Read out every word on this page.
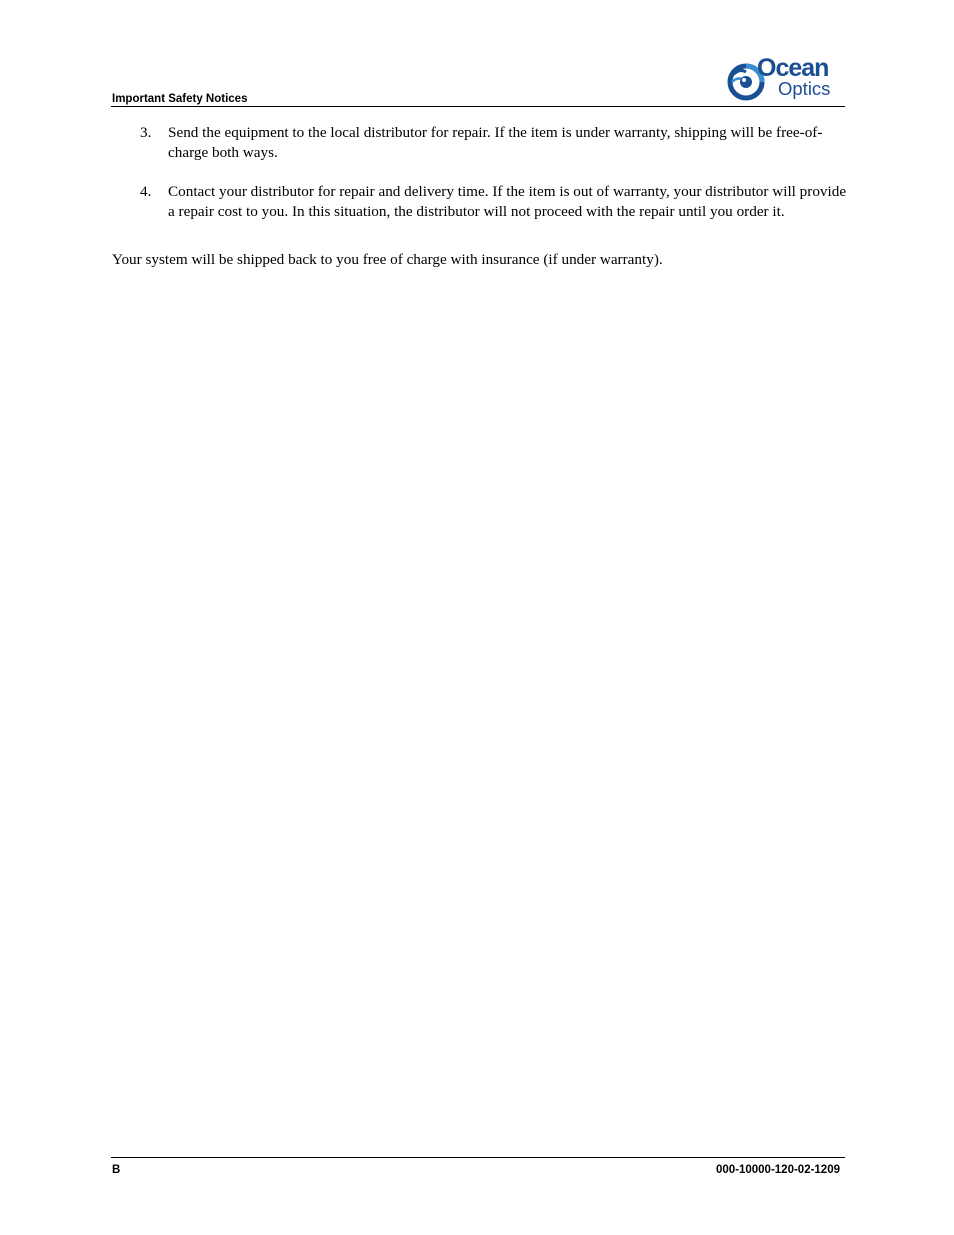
Important Safety Notices
Ocean
Optics
3.	Send the equipment to the local distributor for repair. If the item is under warranty, shipping will be free-of-charge both ways.
4.	Contact your distributor for repair and delivery time. If the item is out of warranty, your distributor will provide a repair cost to you. In this situation, the distributor will not proceed with the repair until you order it.
Your system will be shipped back to you free of charge with insurance (if under warranty).
B	000-10000-120-02-1209
